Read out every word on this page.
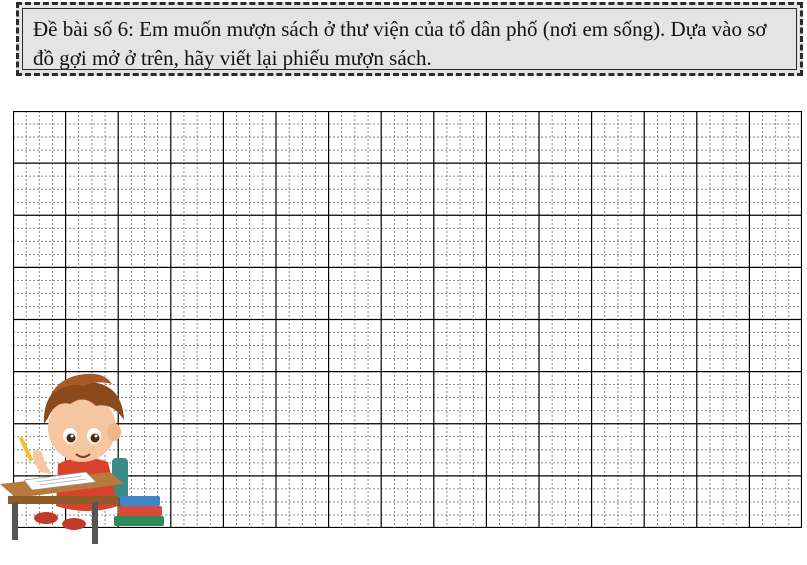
Đề bài số 6: Em muốn mượn sách ở thư viện của tổ dân phố (nơi em sống). Dựa vào sơ đồ gợi mở ở trên, hãy viết lại phiếu mượn sách.
